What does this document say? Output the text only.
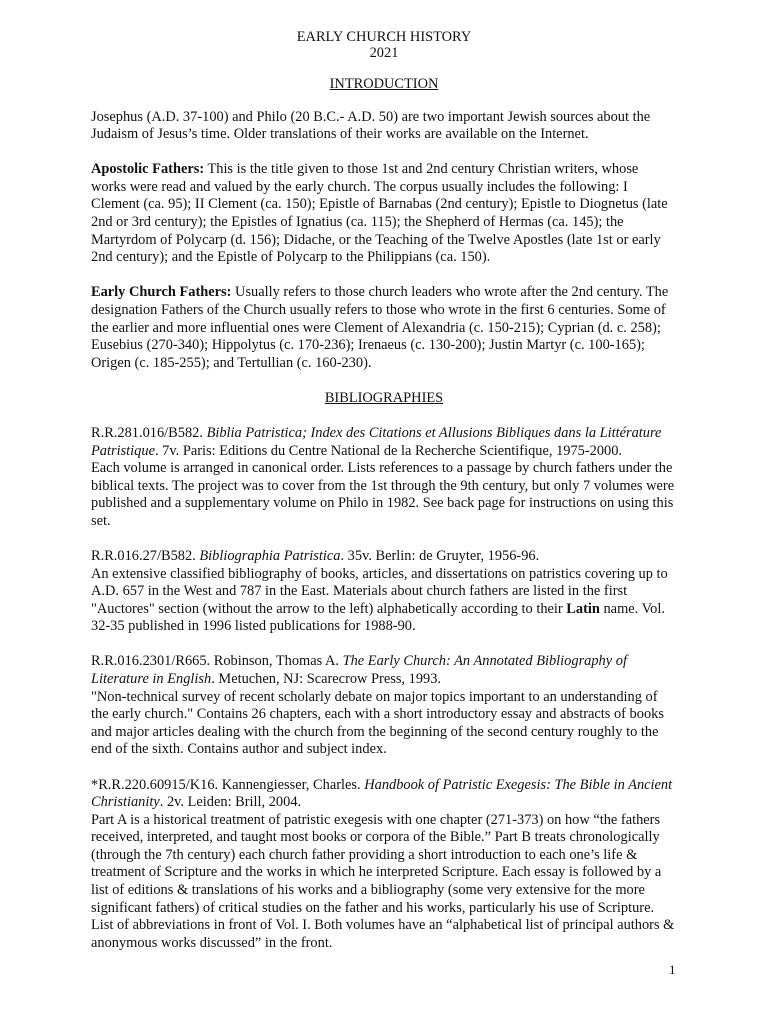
EARLY CHURCH HISTORY
2021
INTRODUCTION

Josephus (A.D. 37-100) and Philo (20 B.C.- A.D. 50) are two important Jewish sources about the Judaism of Jesus’s time. Older translations of their works are available on the Internet.

Apostolic Fathers: This is the title given to those 1st and 2nd century Christian writers, whose works were read and valued by the early church. The corpus usually includes the following: I Clement (ca. 95); II Clement (ca. 150); Epistle of Barnabas (2nd century); Epistle to Diognetus (late 2nd or 3rd century); the Epistles of Ignatius (ca. 115); the Shepherd of Hermas (ca. 145); the Martyrdom of Polycarp (d. 156); Didache, or the Teaching of the Twelve Apostles (late 1st or early 2nd century); and the Epistle of Polycarp to the Philippians (ca. 150).

Early Church Fathers: Usually refers to those church leaders who wrote after the 2nd century. The designation Fathers of the Church usually refers to those who wrote in the first 6 centuries. Some of the earlier and more influential ones were Clement of Alexandria (c. 150-215); Cyprian (d. c. 258); Eusebius (270-340); Hippolytus (c. 170-236); Irenaeus (c. 130-200); Justin Martyr (c. 100-165); Origen (c. 185-255); and Tertullian (c. 160-230).

BIBLIOGRAPHIES
R.R.281.016/B582. Biblia Patristica; Index des Citations et Allusions Bibliques dans la Littérature Patristique. 7v. Paris: Editions du Centre National de la Recherche Scientifique, 1975-2000.
Each volume is arranged in canonical order. Lists references to a passage by church fathers under the biblical texts. The project was to cover from the 1st through the 9th century, but only 7 volumes were published and a supplementary volume on Philo in 1982. See back page for instructions on using this set.
R.R.016.27/B582. Bibliographia Patristica. 35v. Berlin: de Gruyter, 1956-96.
An extensive classified bibliography of books, articles, and dissertations on patristics covering up to A.D. 657 in the West and 787 in the East. Materials about church fathers are listed in the first "Auctores" section (without the arrow to the left) alphabetically according to their Latin name. Vol. 32-35 published in 1996 listed publications for 1988-90.
R.R.016.2301/R665. Robinson, Thomas A. The Early Church: An Annotated Bibliography of Literature in English. Metuchen, NJ: Scarecrow Press, 1993.
"Non-technical survey of recent scholarly debate on major topics important to an understanding of the early church." Contains 26 chapters, each with a short introductory essay and abstracts of books and major articles dealing with the church from the beginning of the second century roughly to the end of the sixth. Contains author and subject index.
*R.R.220.60915/K16. Kannengiesser, Charles. Handbook of Patristic Exegesis: The Bible in Ancient Christianity. 2v. Leiden: Brill, 2004.
Part A is a historical treatment of patristic exegesis with one chapter (271-373) on how “the fathers received, interpreted, and taught most books or corpora of the Bible.” Part B treats chronologically (through the 7th century) each church father providing a short introduction to each one’s life & treatment of Scripture and the works in which he interpreted Scripture. Each essay is followed by a list of editions & translations of his works and a bibliography (some very extensive for the more significant fathers) of critical studies on the father and his works, particularly his use of Scripture. List of abbreviations in front of Vol. I. Both volumes have an “alphabetical list of principal authors & anonymous works discussed” in the front.
1
